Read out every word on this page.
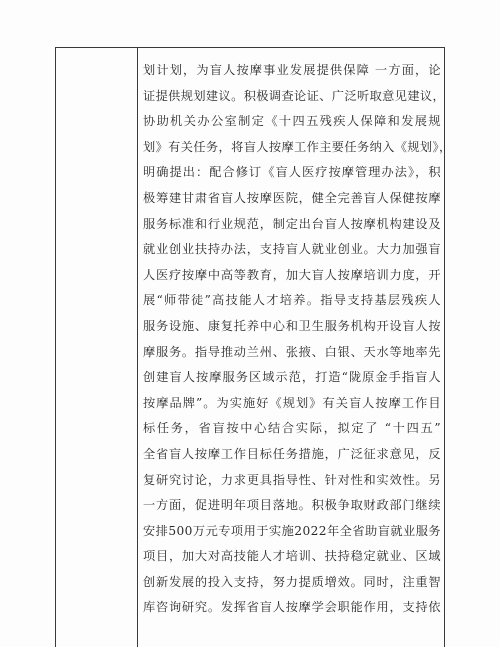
划计划，为盲人按摩事业发展提供保障 一方面，论
证提供规划建议。积极调查论证、广泛听取意见建议，
协助机关办公室制定《十四五残疾人保障和发展规
划》有关任务，将盲人按摩工作主要任务纳入《规划》，
明确提出：配合修订《盲人医疗按摩管理办法》，积
极筹建甘肃省盲人按摩医院，健全完善盲人保健按摩
服务标准和行业规范，制定出台盲人按摩机构建设及
就业创业扶持办法，支持盲人就业创业。大力加强盲
人医疗按摩中高等教育，加大盲人按摩培训力度，开
展“师带徒”高技能人才培养。指导支持基层残疾人
服务设施、康复托养中心和卫生服务机构开设盲人按
摩服务。指导推动兰州、张掖、白银、天水等地率先
创建盲人按摩服务区域示范，打造“陇原金手指盲人
按摩品牌”。为实施好《规划》有关盲人按摩工作目
标任务，省盲按中心结合实际，拟定了 “十四五”
全省盲人按摩工作目标任务措施，广泛征求意见，反
复研究讨论，力求更具指导性、针对性和实效性。另
一方面，促进明年项目落地。积极争取财政部门继续
安排500万元专项用于实施2022年全省助盲就业服务
项目，加大对高技能人才培训、扶持稳定就业、区域
创新发展的投入支持，努力提质增效。同时，注重智
库咨询研究。发挥省盲人按摩学会职能作用，支持依
